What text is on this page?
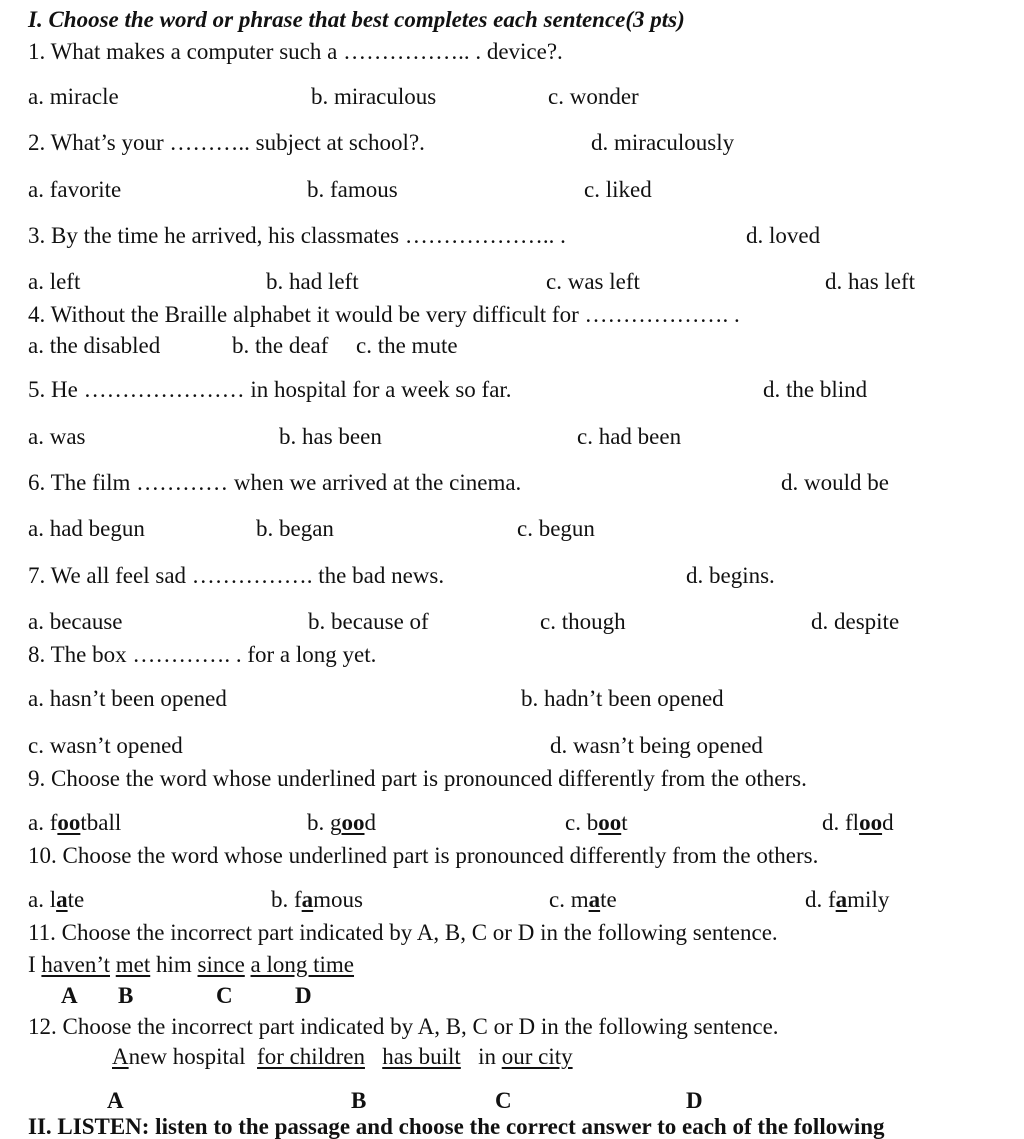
I. Choose the word or phrase that best completes each sentence(3 pts)
1. What makes a computer such a …………….. . device?.
a. miracle	b. miraculous	c. wonder
2. What’s your ……….. subject at school?.	d. miraculously
a. favorite	b. famous	c. liked
3. By the time he arrived, his classmates ……………….. .	d. loved
a. left	b. had left	c. was left	d. has left
4. Without the Braille alphabet it would be very difficult for ………………. .
a. the disabled	b. the deaf c. the mute
5. He ………………… in hospital for a week so far.	d. the blind
a. was	b. has been	c. had been
6. The film ………… when we arrived at the cinema.	d. would be
a. had begun	b. began	c. begun
7. We all feel sad ……………. the bad news.	d. begins.
a. because	b. because of	c. though	d. despite
8. The box …………. . for a long yet.
a. hasn’t been opened	b. hadn’t been opened
c. wasn’t opened	d. wasn’t being opened
9. Choose the word whose underlined part is pronounced differently from the others.
a. football	b. good	c. boot	d. flood
10. Choose the word whose underlined part is pronounced differently from the others.
a. late	b. famous	c. mate	d. family
11. Choose the incorrect part indicated by A, B, C or D in the following sentence.
I haven’t met him since a long time
A B	C	D
12. Choose the incorrect part indicated by A, B, C or D in the following sentence.
Anew hospital for children has built in our city
A	B	C	D
II. LISTEN: listen to the passage and choose the correct answer to each of the following
